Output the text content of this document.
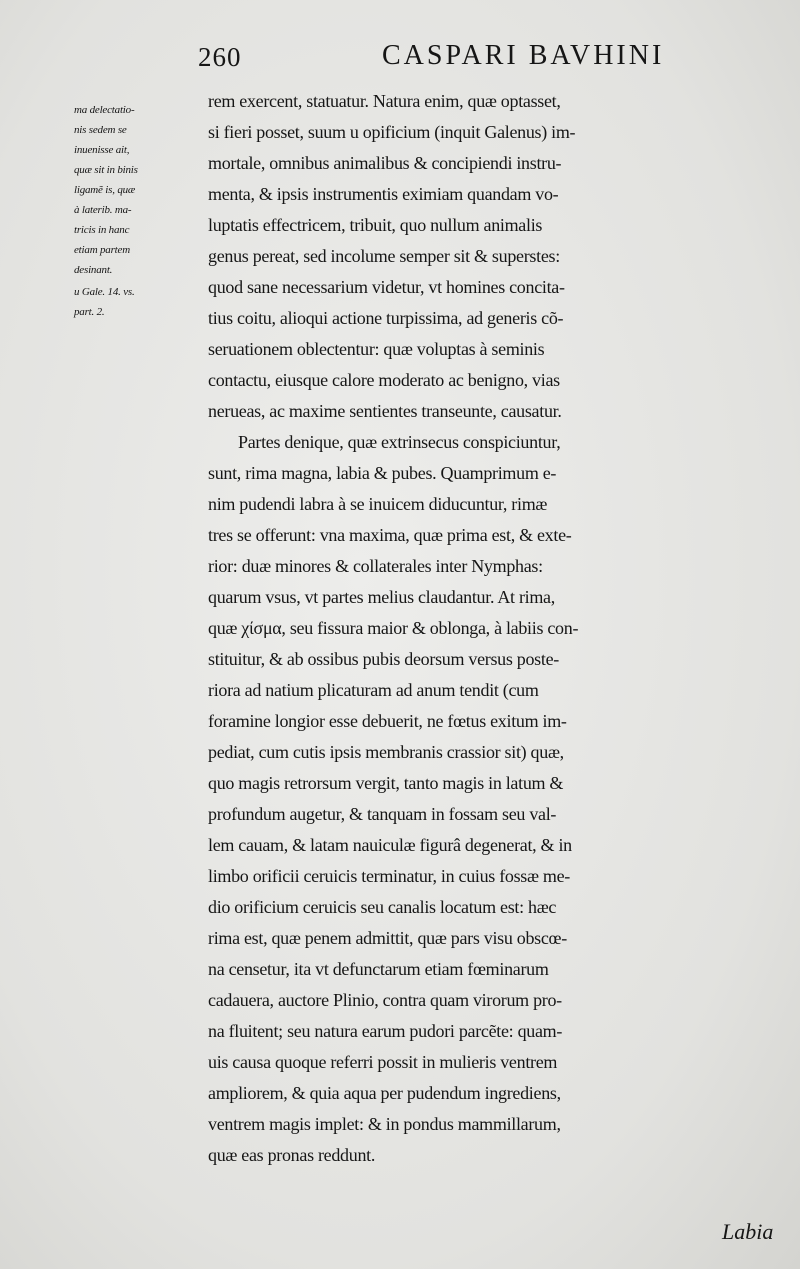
260	CASPARI BAVHINI
ma delectatio-
nis sedem se
inuenisse ait,
quæ sit in binis
ligamẽ is, quæ
à laterib. ma-
tricis in hanc
etiam partem
desinant.
u Gale. 14. vs.
part. 2.
rem exercent, statuatur. Natura enim, quæ optasset,
si fieri posset, suum u opificium (inquit Galenus) im-
mortale, omnibus animalibus & concipiendi instru-
menta, & ipsis instrumentis eximiam quandam vo-
luptatis effectricem, tribuit, quo nullum animalis
genus pereat, sed incolume semper sit & superstes:
quod sane necessarium videtur, vt homines concita-
tius coitu, alioqui actione turpissima, ad generis cõ-
seruationem oblectentur: quæ voluptas à seminis
contactu, eiusque calore moderato ac benigno, vias
nerueas, ac maxime sentientes transeunte, causatur.
Partes denique, quæ extrinsecus conspiciuntur,
sunt, rima magna, labia & pubes. Quamprimum e-
nim pudendi labra à se inuicem diducuntur, rimæ
tres se offerunt: vna maxima, quæ prima est, & exte-
rior: duæ minores & collaterales inter Nymphas:
quarum vsus, vt partes melius claudantur. At rima,
quæ χίσμα, seu fissura maior & oblonga, à labiis con-
stituitur, & ab ossibus pubis deorsum versus poste-
riora ad natium plicaturam ad anum tendit (cum
foramine longior esse debuerit, ne fœtus exitum im-
pediat, cum cutis ipsis membranis crassior sit) quæ,
quo magis retrorsum vergit, tanto magis in latum &
profundum augetur, & tanquam in fossam seu val-
lem cauam, & latam nauiculæ figurâ degenerat, & in
limbo orificii ceruicis terminatur, in cuius fossæ me-
dio orificium ceruicis seu canalis locatum est: hæc
rima est, quæ penem admittit, quæ pars visu obscœ-
na censetur, ita vt defunctarum etiam fœminarum
cadauera, auctore Plinio, contra quam virorum pro-
na fluitent; seu natura earum pudori parcẽte: quam-
uis causa quoque referri possit in mulieris ventrem
ampliorem, & quia aqua per pudendum ingrediens,
ventrem magis implet: & in pondus mammillarum,
quæ eas pronas reddunt.
Labia
